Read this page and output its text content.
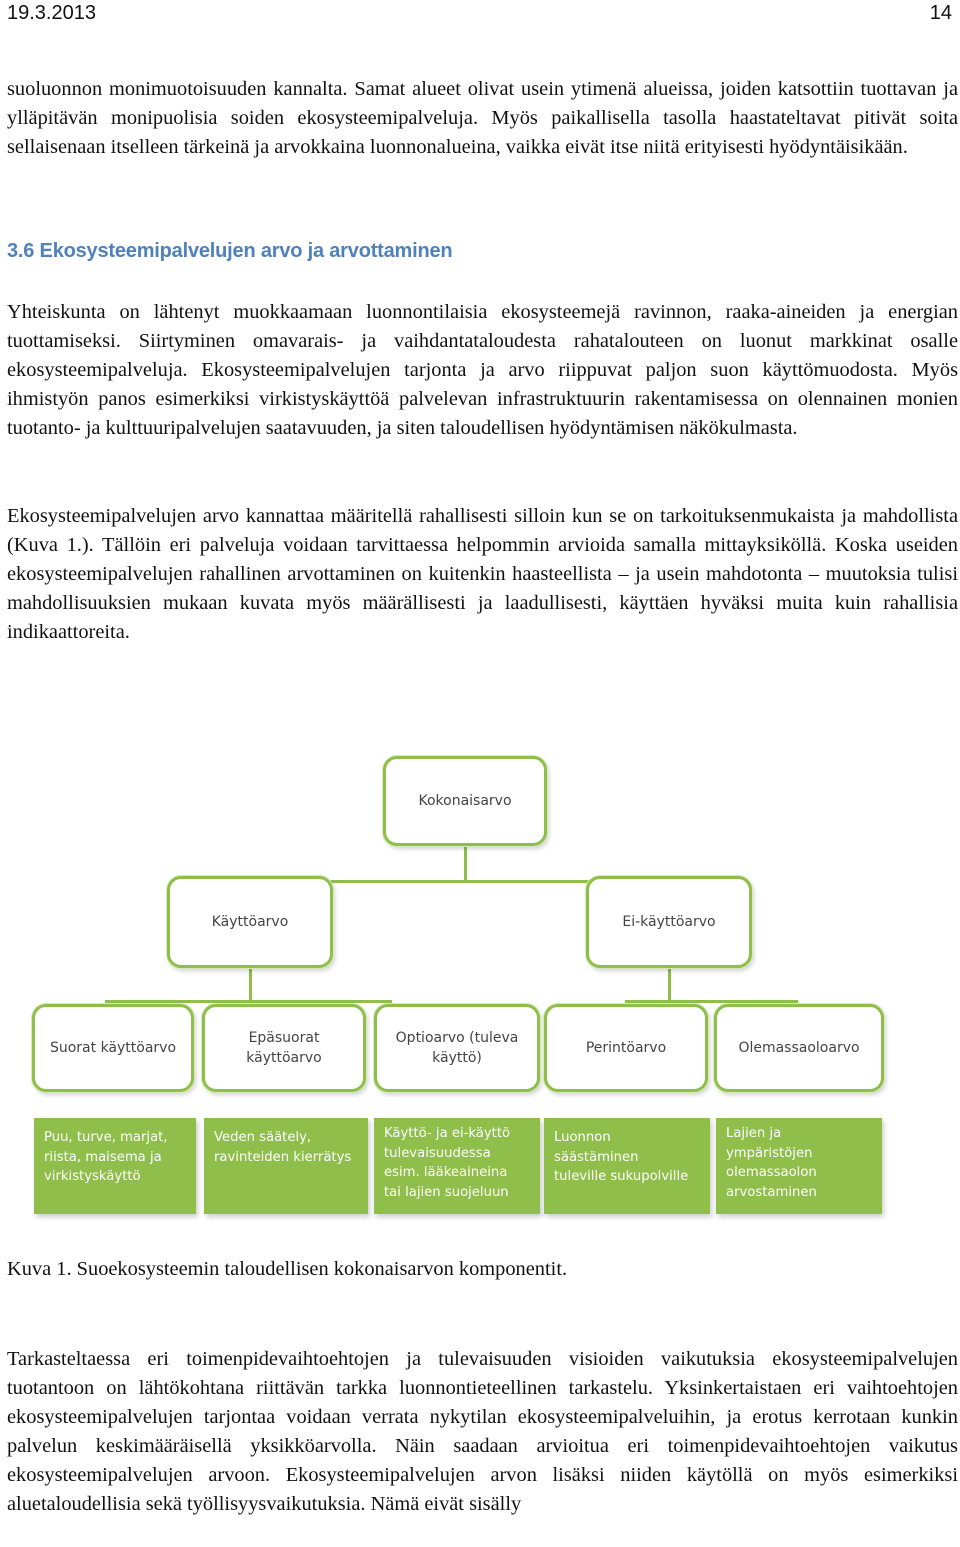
19.3.2013	14

suoluonnon monimuotoisuuden kannalta. Samat alueet olivat usein ytimenä alueissa, joiden katsottiin tuottavan ja ylläpitävän monipuolisia soiden ekosysteemipalveluja. Myös paikallisella tasolla haastateltavat pitivät soita sellaisenaan itselleen tärkeinä ja arvokkaina luonnonalueina, vaikka eivät itse niitä erityisesti hyödyntäisikään.

3.6 Ekosysteemipalvelujen arvo ja arvottaminen

Yhteiskunta on lähtenyt muokkaamaan luonnontilaisia ekosysteemejä ravinnon, raaka-aineiden ja energian tuottamiseksi. Siirtyminen omavarais- ja vaihdantataloudesta rahatalouteen on luonut markkinat osalle ekosysteemipalveluja. Ekosysteemipalvelujen tarjonta ja arvo riippuvat paljon suon käyttömuodosta. Myös ihmistyön panos esimerkiksi virkistyskäyttöä palvelevan infrastruktuurin rakentamisessa on olennainen monien tuotanto- ja kulttuuripalvelujen saatavuuden, ja siten taloudellisen hyödyntämisen näkökulmasta.

Ekosysteemipalvelujen arvo kannattaa määritellä rahallisesti silloin kun se on tarkoituksenmukaista ja mahdollista (Kuva 1.). Tällöin eri palveluja voidaan tarvittaessa helpommin arvioida samalla mittayksiköllä. Koska useiden ekosysteemipalvelujen rahallinen arvottaminen on kuitenkin haasteellista – ja usein mahdotonta – muutoksia tulisi mahdollisuuksien mukaan kuvata myös määrällisesti ja laadullisesti, käyttäen hyväksi muita kuin rahallisia indikaattoreita.

Kokonaisarvo
Käyttöarvo	Ei-käyttöarvo
Suorat käyttöarvo
Epäsuorat
käyttöarvo
Optioarvo (tuleva
käyttö)
Perintöarvo	Olemassaoloarvo
Puu, turve, marjat,
riista, maisema ja
virkistyskäyttö
Veden säätely,
ravinteiden kierrätys
Käyttö- ja ei-käyttö
tulevaisuudessa
esim. lääkeaineina
tai lajien suojeluun
Luonnon
säästäminen
tuleville sukupolville
Lajien ja
ympäristöjen
olemassaolon
arvostaminen

Kuva 1. Suoekosysteemin taloudellisen kokonaisarvon komponentit.

Tarkasteltaessa eri toimenpidevaihtoehtojen ja tulevaisuuden visioiden vaikutuksia ekosysteemipalvelujen tuotantoon on lähtökohtana riittävän tarkka luonnontieteellinen tarkastelu. Yksinkertaistaen eri vaihtoehtojen ekosysteemipalvelujen tarjontaa voidaan verrata nykytilan ekosysteemipalveluihin, ja erotus kerrotaan kunkin palvelun keskimääräisellä yksikköarvolla. Näin saadaan arvioitua eri toimenpidevaihtoehtojen vaikutus ekosysteemipalvelujen arvoon. Ekosysteemipalvelujen arvon lisäksi niiden käytöllä on myös esimerkiksi aluetaloudellisia sekä työllisyysvaikutuksia. Nämä eivät sisälly
